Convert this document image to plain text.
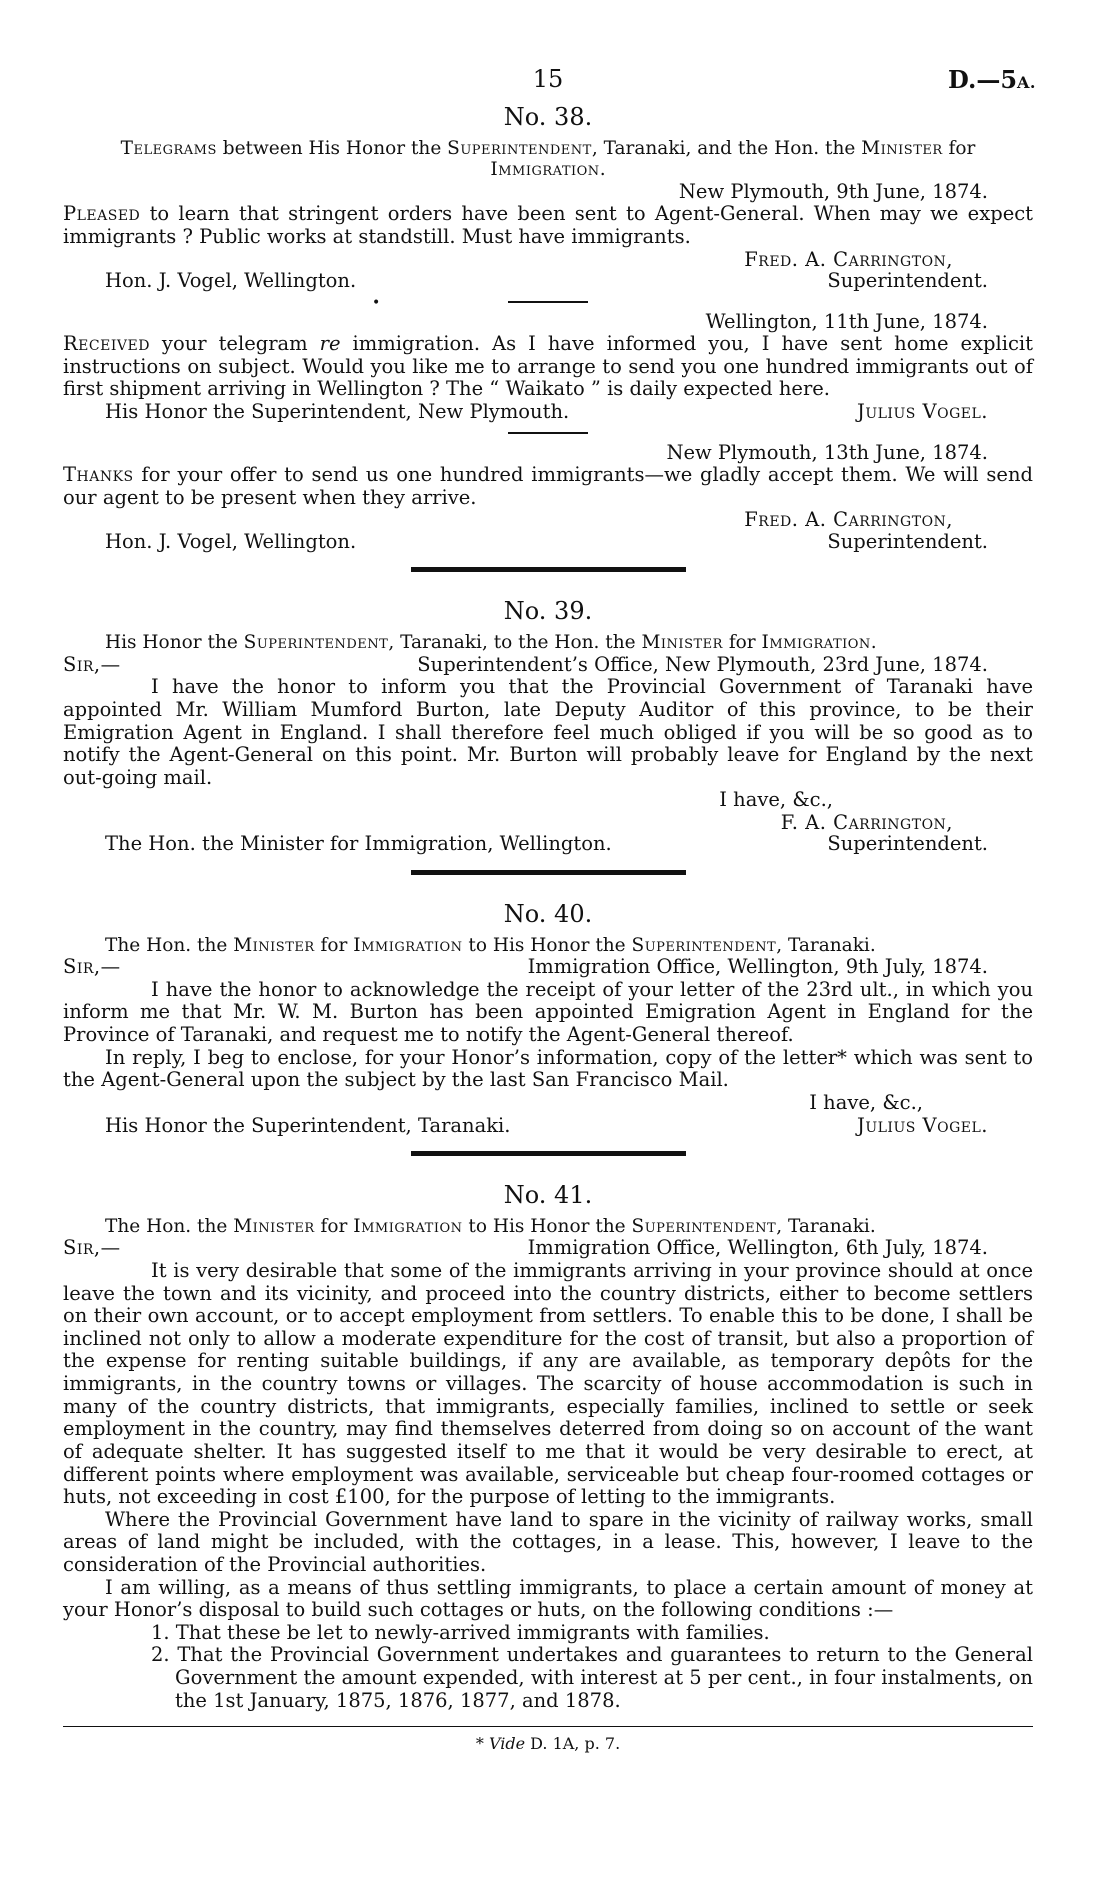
15	D.—5A.
No. 38.
Telegrams between His Honor the Superintendent, Taranaki, and the Hon. the Minister for Immigration.

New Plymouth, 9th June, 1874.

Pleased to learn that stringent orders have been sent to Agent-General. When may we expect immigrants ? Public works at standstill. Must have immigrants.

Fred. A. Carrington,
Hon. J. Vogel, Wellington.	Superintendent.
•

Wellington, 11th June, 1874.

Received your telegram re immigration. As I have informed you, I have sent home explicit instructions on subject. Would you like me to arrange to send you one hundred immigrants out of first shipment arriving in Wellington ? The “ Waikato ” is daily expected here.

His Honor the Superintendent, New Plymouth.	Julius Vogel.

New Plymouth, 13th June, 1874.

Thanks for your offer to send us one hundred immigrants—we gladly accept them. We will send our agent to be present when they arrive.

Fred. A. Carrington,
Hon. J. Vogel, Wellington.	Superintendent.
No. 39.
His Honor the Superintendent, Taranaki, to the Hon. the Minister for Immigration.
Sir,—	Superintendent’s Office, New Plymouth, 23rd June, 1874.

I have the honor to inform you that the Provincial Government of Taranaki have appointed Mr. William Mumford Burton, late Deputy Auditor of this province, to be their Emigration Agent in England. I shall therefore feel much obliged if you will be so good as to notify the Agent-General on this point. Mr. Burton will probably leave for England by the next out-going mail.

I have, &c.,

F. A. Carrington,
The Hon. the Minister for Immigration, Wellington.	Superintendent.
No. 40.
The Hon. the Minister for Immigration to His Honor the Superintendent, Taranaki.
Sir,—	Immigration Office, Wellington, 9th July, 1874.

I have the honor to acknowledge the receipt of your letter of the 23rd ult., in which you inform me that Mr. W. M. Burton has been appointed Emigration Agent in England for the Province of Taranaki, and request me to notify the Agent-General thereof.

In reply, I beg to enclose, for your Honor’s information, copy of the letter* which was sent to the Agent-General upon the subject by the last San Francisco Mail.

I have, &c.,

His Honor the Superintendent, Taranaki.	Julius Vogel.
No. 41.
The Hon. the Minister for Immigration to His Honor the Superintendent, Taranaki.
Sir,—	Immigration Office, Wellington, 6th July, 1874.

It is very desirable that some of the immigrants arriving in your province should at once leave the town and its vicinity, and proceed into the country districts, either to become settlers on their own account, or to accept employment from settlers. To enable this to be done, I shall be inclined not only to allow a moderate expenditure for the cost of transit, but also a proportion of the expense for renting suitable buildings, if any are available, as temporary depôts for the immigrants, in the country towns or villages. The scarcity of house accommodation is such in many of the country districts, that immigrants, especially families, inclined to settle or seek employment in the country, may find themselves deterred from doing so on account of the want of adequate shelter. It has suggested itself to me that it would be very desirable to erect, at different points where employment was available, serviceable but cheap four-roomed cottages or huts, not exceeding in cost £100, for the purpose of letting to the immigrants.

Where the Provincial Government have land to spare in the vicinity of railway works, small areas of land might be included, with the cottages, in a lease. This, however, I leave to the consideration of the Provincial authorities.

I am willing, as a means of thus settling immigrants, to place a certain amount of money at your Honor’s disposal to build such cottages or huts, on the following conditions :—

1. That these be let to newly-arrived immigrants with families.

2. That the Provincial Government undertakes and guarantees to return to the General Government the amount expended, with interest at 5 per cent., in four instalments, on the 1st January, 1875, 1876, 1877, and 1878.

* Vide D. 1A, p. 7.
